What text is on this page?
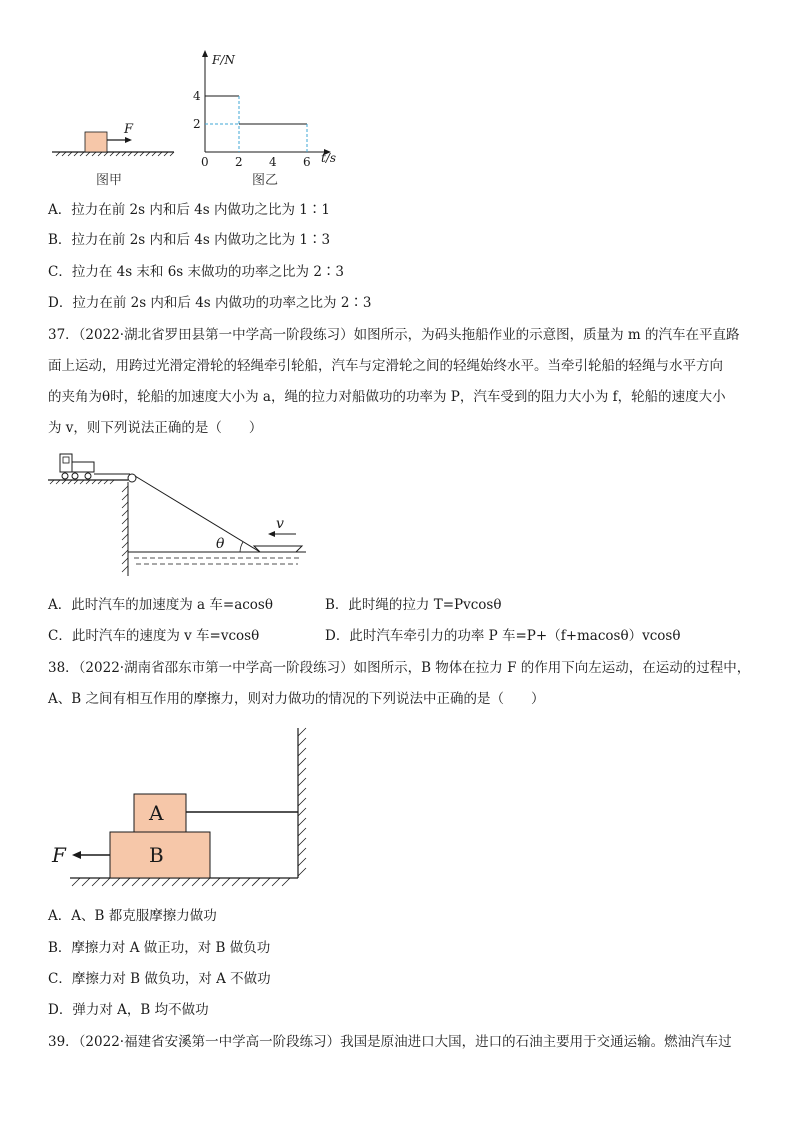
F
图甲
F/N
t/s
4
2
0 2 4 6
图乙
A．拉力在前 2s 内和后 4s 内做功之比为 1∶1
B．拉力在前 2s 内和后 4s 内做功之比为 1∶3
C．拉力在 4s 末和 6s 末做功的功率之比为 2∶3
D．拉力在前 2s 内和后 4s 内做功的功率之比为 2∶3
37．（2022·湖北省罗田县第一中学高一阶段练习）如图所示，为码头拖船作业的示意图，质量为 m 的汽车在平直路
面上运动，用跨过光滑定滑轮的轻绳牵引轮船，汽车与定滑轮之间的轻绳始终水平。当牵引轮船的轻绳与水平方向
的夹角为θ时，轮船的加速度大小为 a，绳的拉力对船做功的功率为 P，汽车受到的阻力大小为 f，轮船的速度大小
为 v，则下列说法正确的是（　　）
v
θ
A．此时汽车的加速度为 a 车=acosθ	B．此时绳的拉力 T=Pvcosθ
C．此时汽车的速度为 v 车=vcosθ	D．此时汽车牵引力的功率 P 车=P+（f+macosθ）vcosθ
38．（2022·湖南省邵东市第一中学高一阶段练习）如图所示，B 物体在拉力 F 的作用下向左运动，在运动的过程中，
A、B 之间有相互作用的摩擦力，则对力做功的情况的下列说法中正确的是（　　）
B
A
F
A．A、B 都克服摩擦力做功
B．摩擦力对 A 做正功，对 B 做负功
C．摩擦力对 B 做负功，对 A 不做功
D．弹力对 A，B 均不做功
39．（2022·福建省安溪第一中学高一阶段练习）我国是原油进口大国，进口的石油主要用于交通运输。燃油汽车过
